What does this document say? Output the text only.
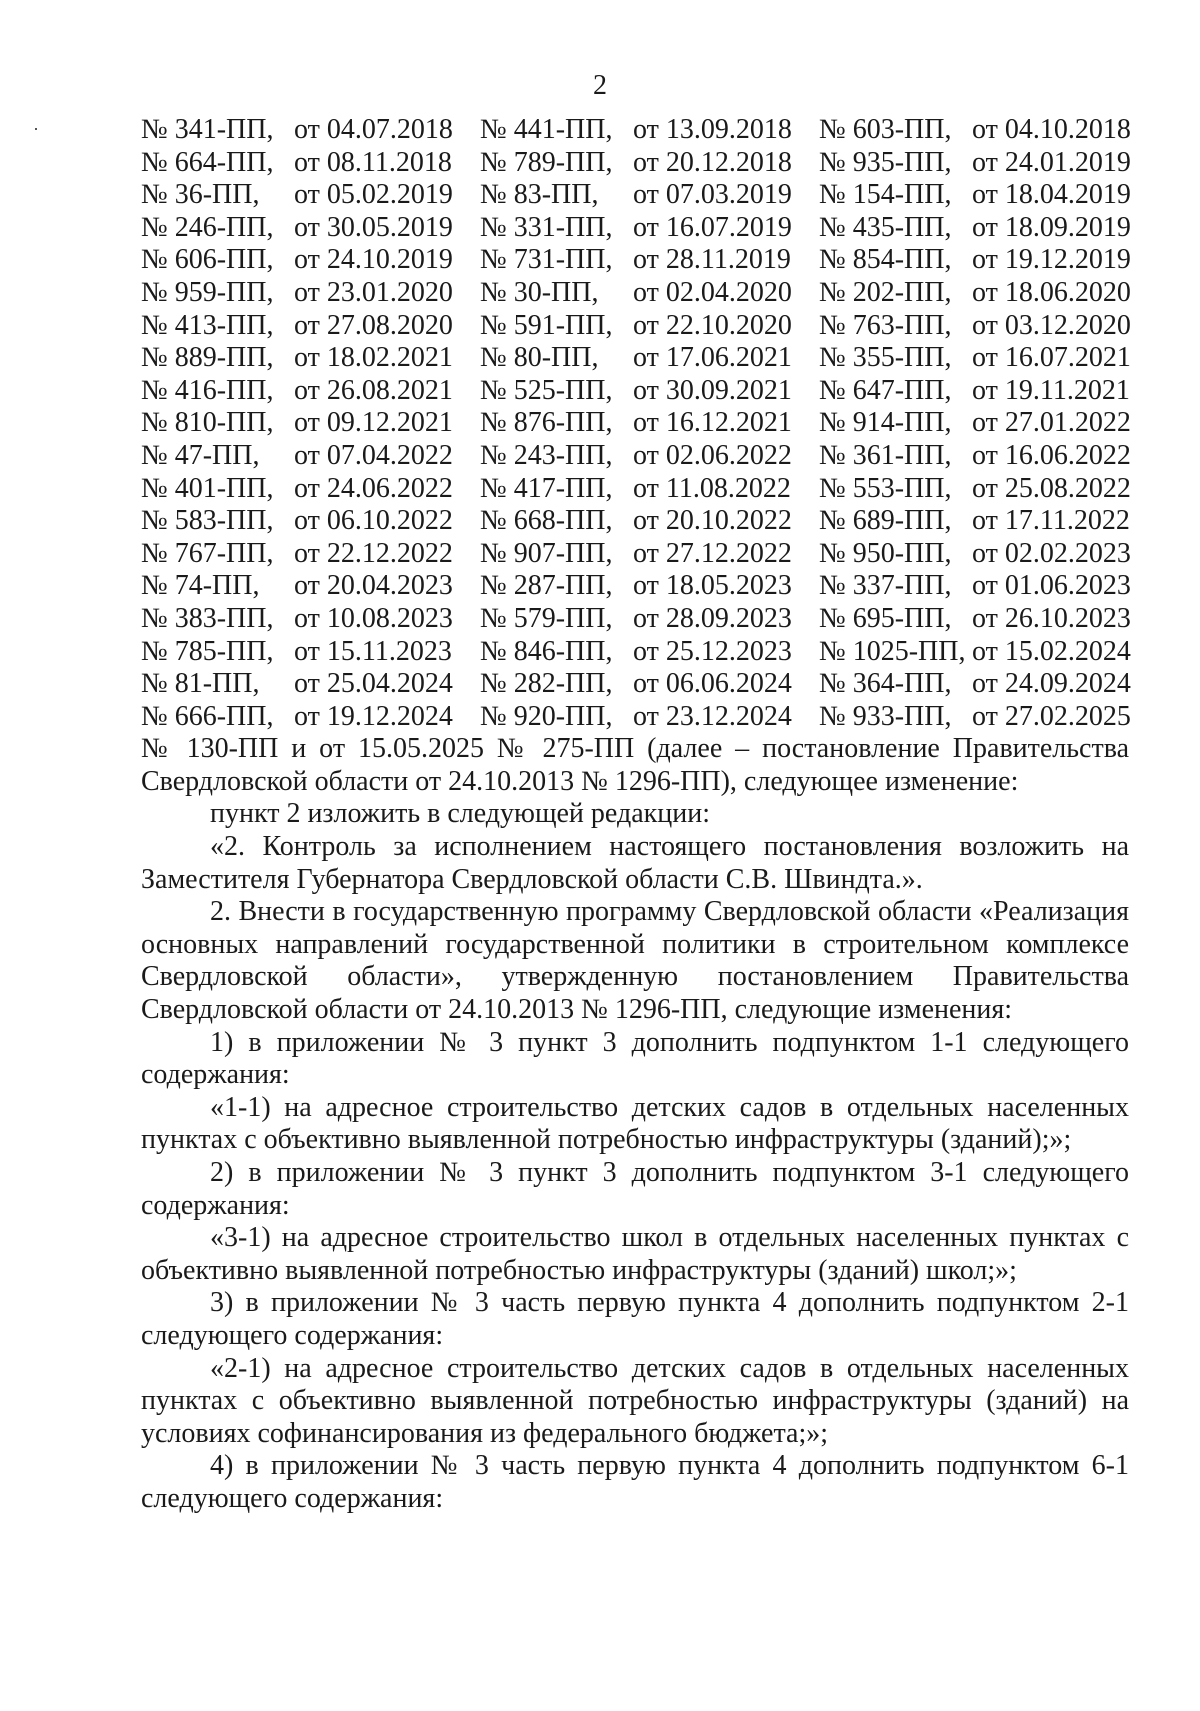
2
№ 341-ПП, от 04.07.2018 № 441-ПП, от 13.09.2018 № 603-ПП, от 04.10.2018
№ 664-ПП, от 08.11.2018	№ 789-ПП, от 20.12.2018 № 935-ПП, от 24.01.2019
№ 36-ПП,	от 05.02.2019 № 83-ПП,	от 07.03.2019 № 154-ПП, от 18.04.2019
№ 246-ПП, от 30.05.2019 № 331-ПП, от 16.07.2019 № 435-ПП, от 18.09.2019
№ 606-ПП, от 24.10.2019 № 731-ПП, от 28.11.2019	№ 854-ПП, от 19.12.2019
№ 959-ПП, от 23.01.2020 № 30-ПП,	от 02.04.2020 № 202-ПП, от 18.06.2020
№ 413-ПП, от 27.08.2020 № 591-ПП, от 22.10.2020 № 763-ПП, от 03.12.2020
№ 889-ПП, от 18.02.2021 № 80-ПП,	от 17.06.2021 № 355-ПП, от 16.07.2021
№ 416-ПП, от 26.08.2021 № 525-ПП, от 30.09.2021 № 647-ПП, от 19.11.2021
№ 810-ПП, от 09.12.2021 № 876-ПП, от 16.12.2021 № 914-ПП, от 27.01.2022
№ 47-ПП,	от 07.04.2022 № 243-ПП, от 02.06.2022 № 361-ПП, от 16.06.2022
№ 401-ПП, от 24.06.2022 № 417-ПП, от 11.08.2022	№ 553-ПП, от 25.08.2022
№ 583-ПП, от 06.10.2022 № 668-ПП, от 20.10.2022 № 689-ПП, от 17.11.2022
№ 767-ПП, от 22.12.2022 № 907-ПП, от 27.12.2022 № 950-ПП, от 02.02.2023
№ 74-ПП,	от 20.04.2023 № 287-ПП, от 18.05.2023 № 337-ПП, от 01.06.2023
№ 383-ПП, от 10.08.2023 № 579-ПП, от 28.09.2023 № 695-ПП, от 26.10.2023
№ 785-ПП, от 15.11.2023	№ 846-ПП, от 25.12.2023 № 1025-ПП, от 15.02.2024
№ 81-ПП,	от 25.04.2024 № 282-ПП, от 06.06.2024 № 364-ПП, от 24.09.2024
№ 666-ПП, от 19.12.2024 № 920-ПП, от 23.12.2024 № 933-ПП, от 27.02.2025

№ 130-ПП и от 15.05.2025 № 275-ПП (далее – постановление Правительства Свердловской области от 24.10.2013 № 1296-ПП), следующее изменение:

пункт 2 изложить в следующей редакции:

«2. Контроль за исполнением настоящего постановления возложить на Заместителя Губернатора Свердловской области С.В. Швиндта.».

2. Внести в государственную программу Свердловской области «Реализация основных направлений государственной политики в строительном комплексе Свердловской области», утвержденную постановлением Правительства Свердловской области от 24.10.2013 № 1296-ПП, следующие изменения:

1) в приложении № 3 пункт 3 дополнить подпунктом 1-1 следующего содержания:

«1-1) на адресное строительство детских садов в отдельных населенных пунктах с объективно выявленной потребностью инфраструктуры (зданий);»;

2) в приложении № 3 пункт 3 дополнить подпунктом 3-1 следующего содержания:

«3-1) на адресное строительство школ в отдельных населенных пунктах с объективно выявленной потребностью инфраструктуры (зданий) школ;»;

3) в приложении № 3 часть первую пункта 4 дополнить подпунктом 2-1 следующего содержания:

«2-1) на адресное строительство детских садов в отдельных населенных пунктах с объективно выявленной потребностью инфраструктуры (зданий) на условиях софинансирования из федерального бюджета;»;

4) в приложении № 3 часть первую пункта 4 дополнить подпунктом 6-1 следующего содержания:
